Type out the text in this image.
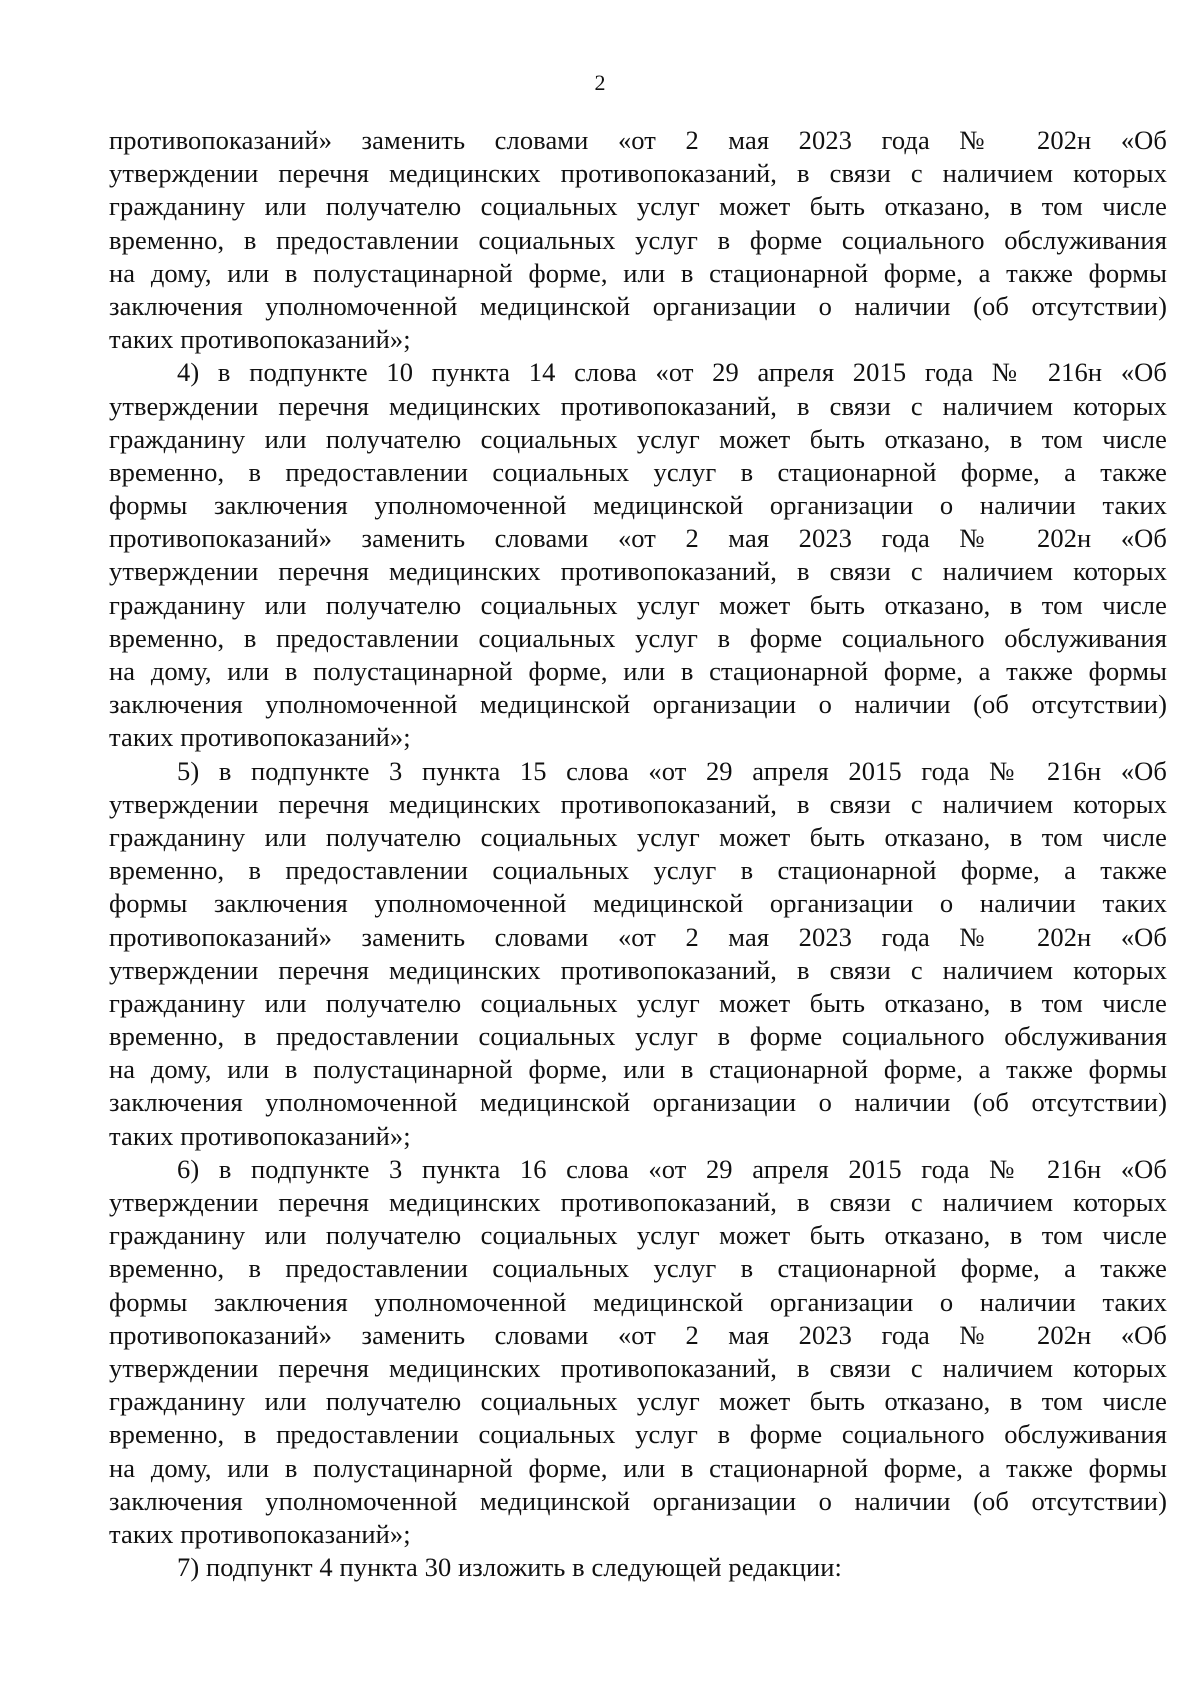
2
противопоказаний» заменить словами «от 2 мая 2023 года № 202н «Об
утверждении перечня медицинских противопоказаний, в связи с наличием которых
гражданину или получателю социальных услуг может быть отказано, в том числе
временно, в предоставлении социальных услуг в форме социального обслуживания
на дому, или в полустацинарной форме, или в стационарной форме, а также формы
заключения уполномоченной медицинской организации о наличии (об отсутствии)
таких противопоказаний»;
4) в подпункте 10 пункта 14 слова «от 29 апреля 2015 года № 216н «Об
утверждении перечня медицинских противопоказаний, в связи с наличием которых
гражданину или получателю социальных услуг может быть отказано, в том числе
временно, в предоставлении социальных услуг в стационарной форме, а также
формы заключения уполномоченной медицинской организации о наличии таких
противопоказаний» заменить словами «от 2 мая 2023 года № 202н «Об
утверждении перечня медицинских противопоказаний, в связи с наличием которых
гражданину или получателю социальных услуг может быть отказано, в том числе
временно, в предоставлении социальных услуг в форме социального обслуживания
на дому, или в полустацинарной форме, или в стационарной форме, а также формы
заключения уполномоченной медицинской организации о наличии (об отсутствии)
таких противопоказаний»;
5) в подпункте 3 пункта 15 слова «от 29 апреля 2015 года № 216н «Об
утверждении перечня медицинских противопоказаний, в связи с наличием которых
гражданину или получателю социальных услуг может быть отказано, в том числе
временно, в предоставлении социальных услуг в стационарной форме, а также
формы заключения уполномоченной медицинской организации о наличии таких
противопоказаний» заменить словами «от 2 мая 2023 года № 202н «Об
утверждении перечня медицинских противопоказаний, в связи с наличием которых
гражданину или получателю социальных услуг может быть отказано, в том числе
временно, в предоставлении социальных услуг в форме социального обслуживания
на дому, или в полустацинарной форме, или в стационарной форме, а также формы
заключения уполномоченной медицинской организации о наличии (об отсутствии)
таких противопоказаний»;
6) в подпункте 3 пункта 16 слова «от 29 апреля 2015 года № 216н «Об
утверждении перечня медицинских противопоказаний, в связи с наличием которых
гражданину или получателю социальных услуг может быть отказано, в том числе
временно, в предоставлении социальных услуг в стационарной форме, а также
формы заключения уполномоченной медицинской организации о наличии таких
противопоказаний» заменить словами «от 2 мая 2023 года № 202н «Об
утверждении перечня медицинских противопоказаний, в связи с наличием которых
гражданину или получателю социальных услуг может быть отказано, в том числе
временно, в предоставлении социальных услуг в форме социального обслуживания
на дому, или в полустацинарной форме, или в стационарной форме, а также формы
заключения уполномоченной медицинской организации о наличии (об отсутствии)
таких противопоказаний»;
7) подпункт 4 пункта 30 изложить в следующей редакции:
